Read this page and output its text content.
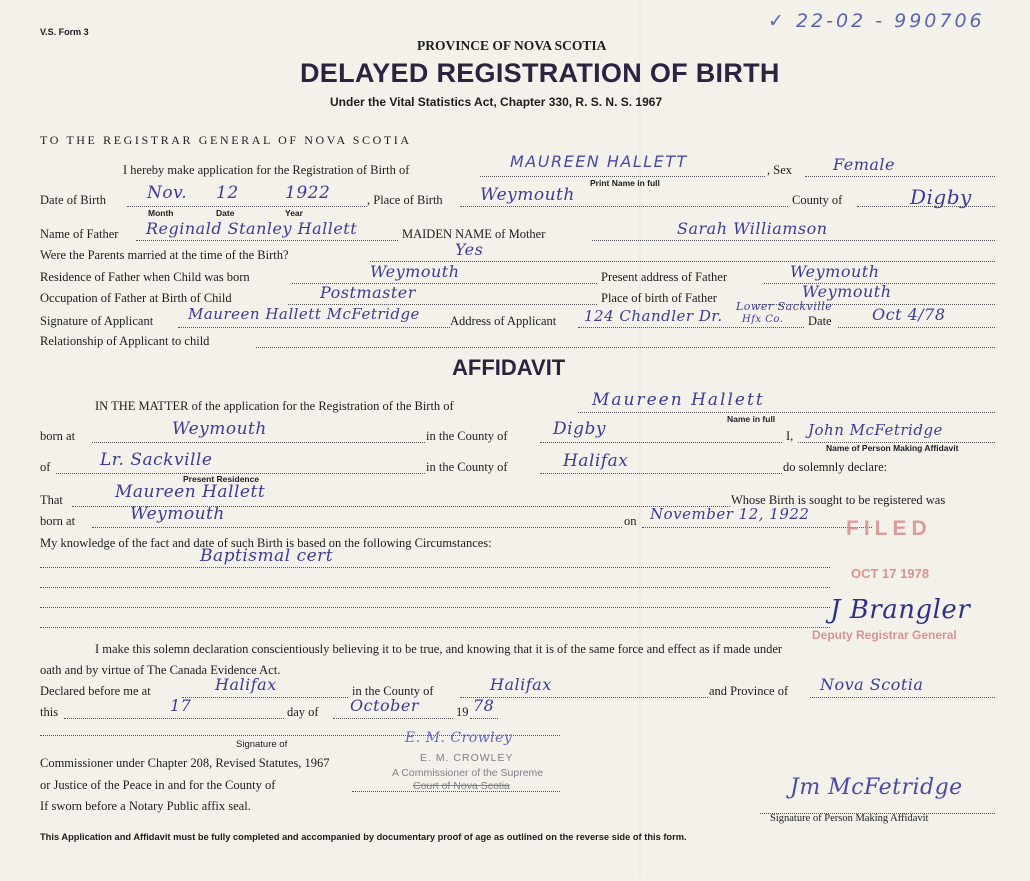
V.S. Form 3	✓ 22-02 - 990706
PROVINCE OF NOVA SCOTIA
DELAYED REGISTRATION OF BIRTH
Under the Vital Statistics Act, Chapter 330, R. S. N. S. 1967
TO THE REGISTRAR GENERAL OF NOVA SCOTIA
I hereby make application for the Registration of Birth of	MAUREEN HALLETT
Print Name in full
, Sex	Female
Date of Birth Nov. 12	1922
Month	Date	Year
, Place of Birth Weymouth	County of	Digby
Name of Father Reginald Stanley Hallett	MAIDEN NAME of Mother	Sarah Williamson
Were the Parents married at the time of the Birth?	Yes
Residence of Father when Child was born	Weymouth	Present address of Father	Weymouth
Occupation of Father at Birth of Child	Postmaster	Place of birth of Father	Weymouth
Signature of Applicant Maureen Hallett McFetridge Address of Applicant 124 Chandler Dr.
Lower Sackville
Hfx Co. Date	Oct 4/78
Relationship of Applicant to child
AFFIDAVIT
IN THE MATTER of the application for the Registration of the Birth of	Maureen Hallett
Name in full
born at	Weymouth	in the County of	Digby	I, John McFetridge
Name of Person Making Affidavit
of	Lr. Sackville
Present Residence
in the County of	Halifax	do solemnly declare:
That	Maureen Hallett	Whose Birth is sought to be registered was
born at	Weymouth	on November 12, 1922
My knowledge of the fact and date of such Birth is based on the following Circumstances:
Baptismal cert
I make this solemn declaration conscientiously believing it to be true, and knowing that it is of the same force and effect as if made under
oath and by virtue of The Canada Evidence Act.
Declared before me at	Halifax	in the County of	Halifax	and Province of Nova Scotia
this	17	day of October	19 78
Signature of
Commissioner under Chapter 208, Revised Statutes, 1967
or Justice of the Peace in and for the County of
If sworn before a Notary Public affix seal.
E. M. Crowley
E. M. CROWLEY
A Commissioner of the Supreme
Court of Nova Scotia
FILED
OCT 17 1978
J Brangler
Deputy Registrar General
Jm McFetridge
Signature of Person Making Affidavit
This Application and Affidavit must be fully completed and accompanied by documentary proof of age as outlined on the reverse side of this form.
